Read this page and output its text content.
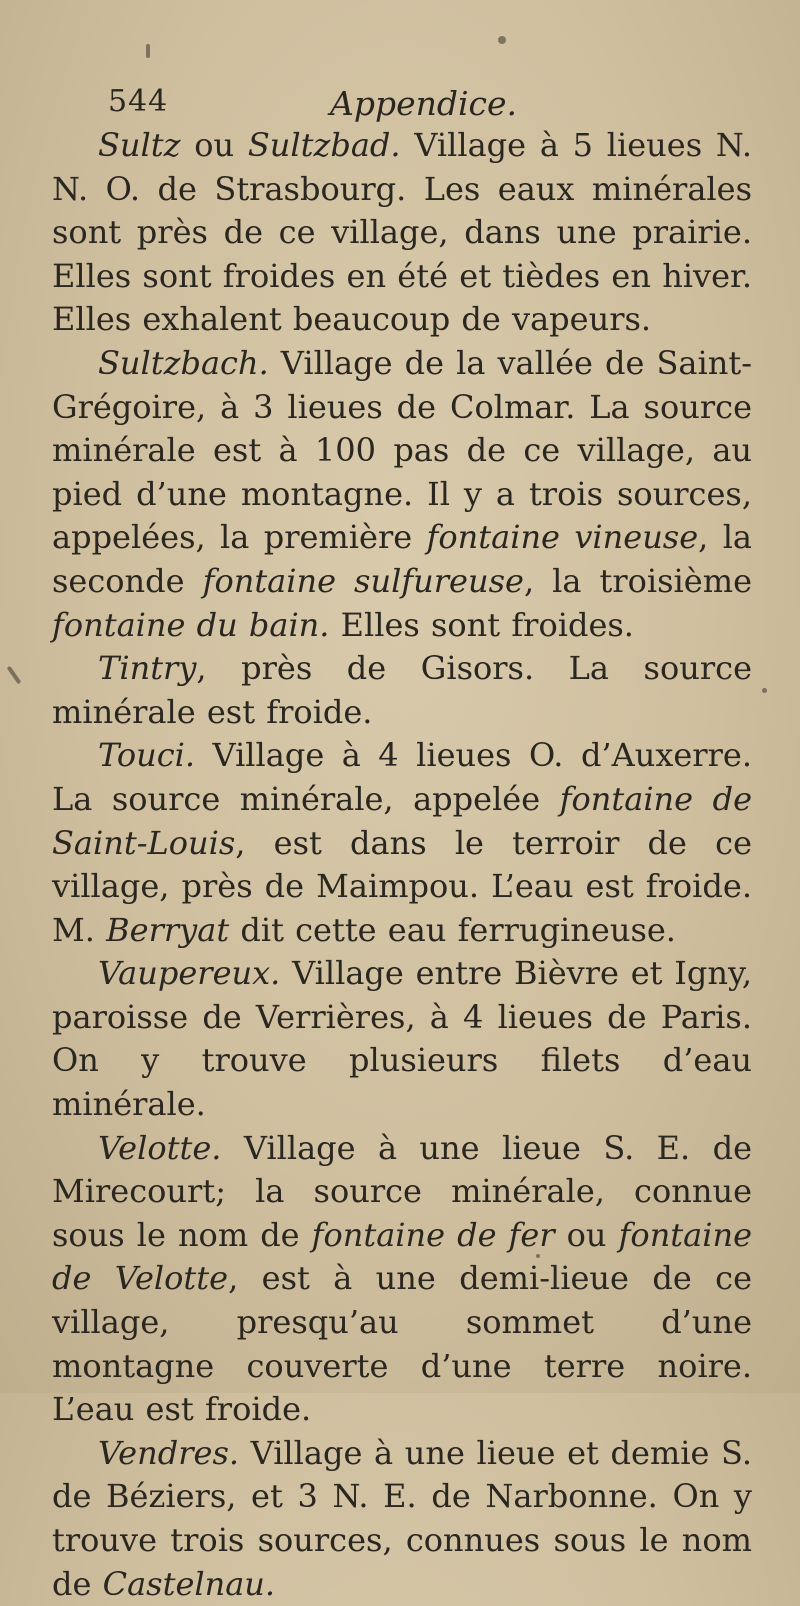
544	Appendice.

Sultz ou Sultzbad. Village à 5 lieues N. N. O. de Strasbourg. Les eaux minérales sont près de ce village, dans une prairie. Elles sont froides en été et tièdes en hiver. Elles exhalent beaucoup de vapeurs.

Sultzbach. Village de la vallée de Saint-Grégoire, à 3 lieues de Colmar. La source minérale est à 100 pas de ce village, au pied d’une montagne. Il y a trois sources, appelées, la première fontaine vineuse, la seconde fontaine sulfureuse, la troisième fontaine du bain. Elles sont froides.

Tintry, près de Gisors. La source minérale est froide.

Touci. Village à 4 lieues O. d’Auxerre. La source minérale, appelée fontaine de Saint-Louis, est dans le terroir de ce village, près de Maimpou. L’eau est froide. M. Berryat dit cette eau ferrugineuse.

Vaupereux. Village entre Bièvre et Igny, paroisse de Verrières, à 4 lieues de Paris. On y trouve plusieurs filets d’eau minérale.

Velotte. Village à une lieue S. E. de Mirecourt; la source minérale, connue sous le nom de fontaine de fer ou fontaine de Velotte, est à une demi-lieue de ce village, presqu’au sommet d’une montagne couverte d’une terre noire. L’eau est froide.

Vendres. Village à une lieue et demie S. de Béziers, et 3 N. E. de Narbonne. On y trouve trois sources, connues sous le nom de Castelnau.
